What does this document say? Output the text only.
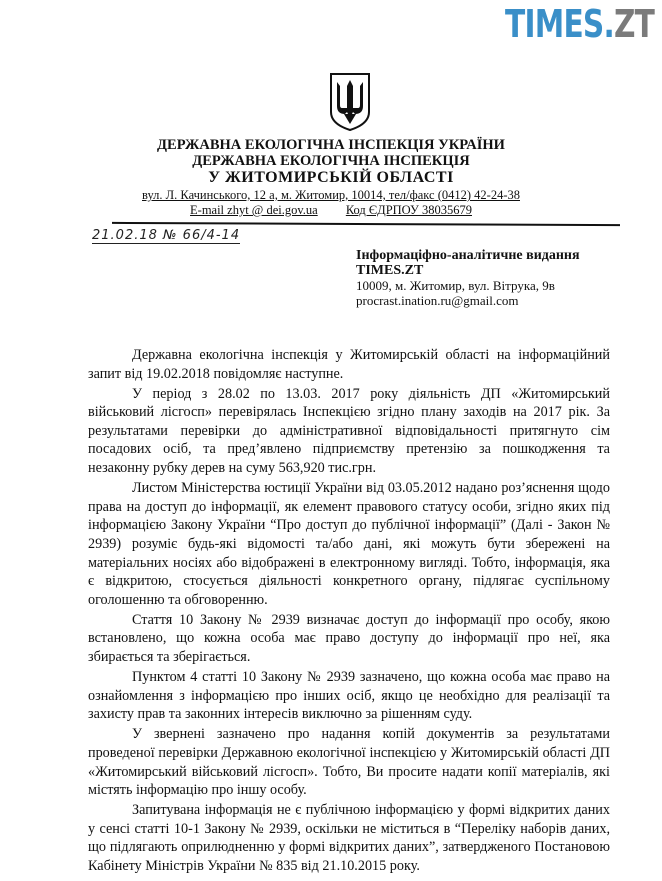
TIMES.ZT
ДЕРЖАВНА ЕКОЛОГІЧНА ІНСПЕКЦІЯ УКРАЇНИ
ДЕРЖАВНА ЕКОЛОГІЧНА ІНСПЕКЦІЯ
У ЖИТОМИРСЬКІЙ ОБЛАСТІ
вул. Л. Качинського, 12 а, м. Житомир, 10014, тел/факс (0412) 42-24-38
E-mail zhyt @ dei.gov.ua Код ЄДРПОУ 38035679
21.02.18 № 66/4-14
Інформаціфно-аналітичне видання
TIMES.ZT
10009, м. Житомир, вул. Вітрука, 9в
procrast.ination.ru@gmail.com

Державна екологічна інспекція у Житомирській області на інформаційний запит від 19.02.2018 повідомляє наступне.

У період з 28.02 по 13.03. 2017 року діяльність ДП «Житомирський військовий лісгосп» перевірялась Інспекцією згідно плану заходів на 2017 рік. За результатами перевірки до адміністративної відповідальності притягнуто сім посадових осіб, та пред’явлено підприємству претензію за пошкодження та незаконну рубку дерев на суму 563,920 тис.грн.

Листом Міністерства юстиції України від 03.05.2012 надано роз’яснення щодо права на доступ до інформації, як елемент правового статусу особи, згідно яких під інформацією Закону України “Про доступ до публічної інформації” (Далі - Закон № 2939) розуміє будь-які відомості та/або дані, які можуть бути збережені на матеріальних носіях або відображені в електронному вигляді. Тобто, інформація, яка є відкритою, стосується діяльності конкретного органу, підлягає суспільному оголошенню та обговоренню.

Стаття 10 Закону № 2939 визначає доступ до інформації про особу, якою встановлено, що кожна особа має право доступу до інформації про неї, яка збирається та зберігається.

Пунктом 4 статті 10 Закону № 2939 зазначено, що кожна особа має право на ознайомлення з інформацією про інших осіб, якщо це необхідно для реалізації та захисту прав та законних інтересів виключно за рішенням суду.

У звернені зазначено про надання копій документів за результатами проведеної перевірки Державною екологічної інспекцією у Житомирській області ДП «Житомирський військовий лісгосп». Тобто, Ви просите надати копії матеріалів, які містять інформацію про іншу особу.

Запитувана інформація не є публічною інформацією у формі відкритих даних у сенсі статті 10-1 Закону № 2939, оскільки не міститься в “Переліку наборів даних, що підлягають оприлюдненню у формі відкритих даних”, затвердженого Постановою Кабінету Міністрів України № 835 від 21.10.2015 року.
